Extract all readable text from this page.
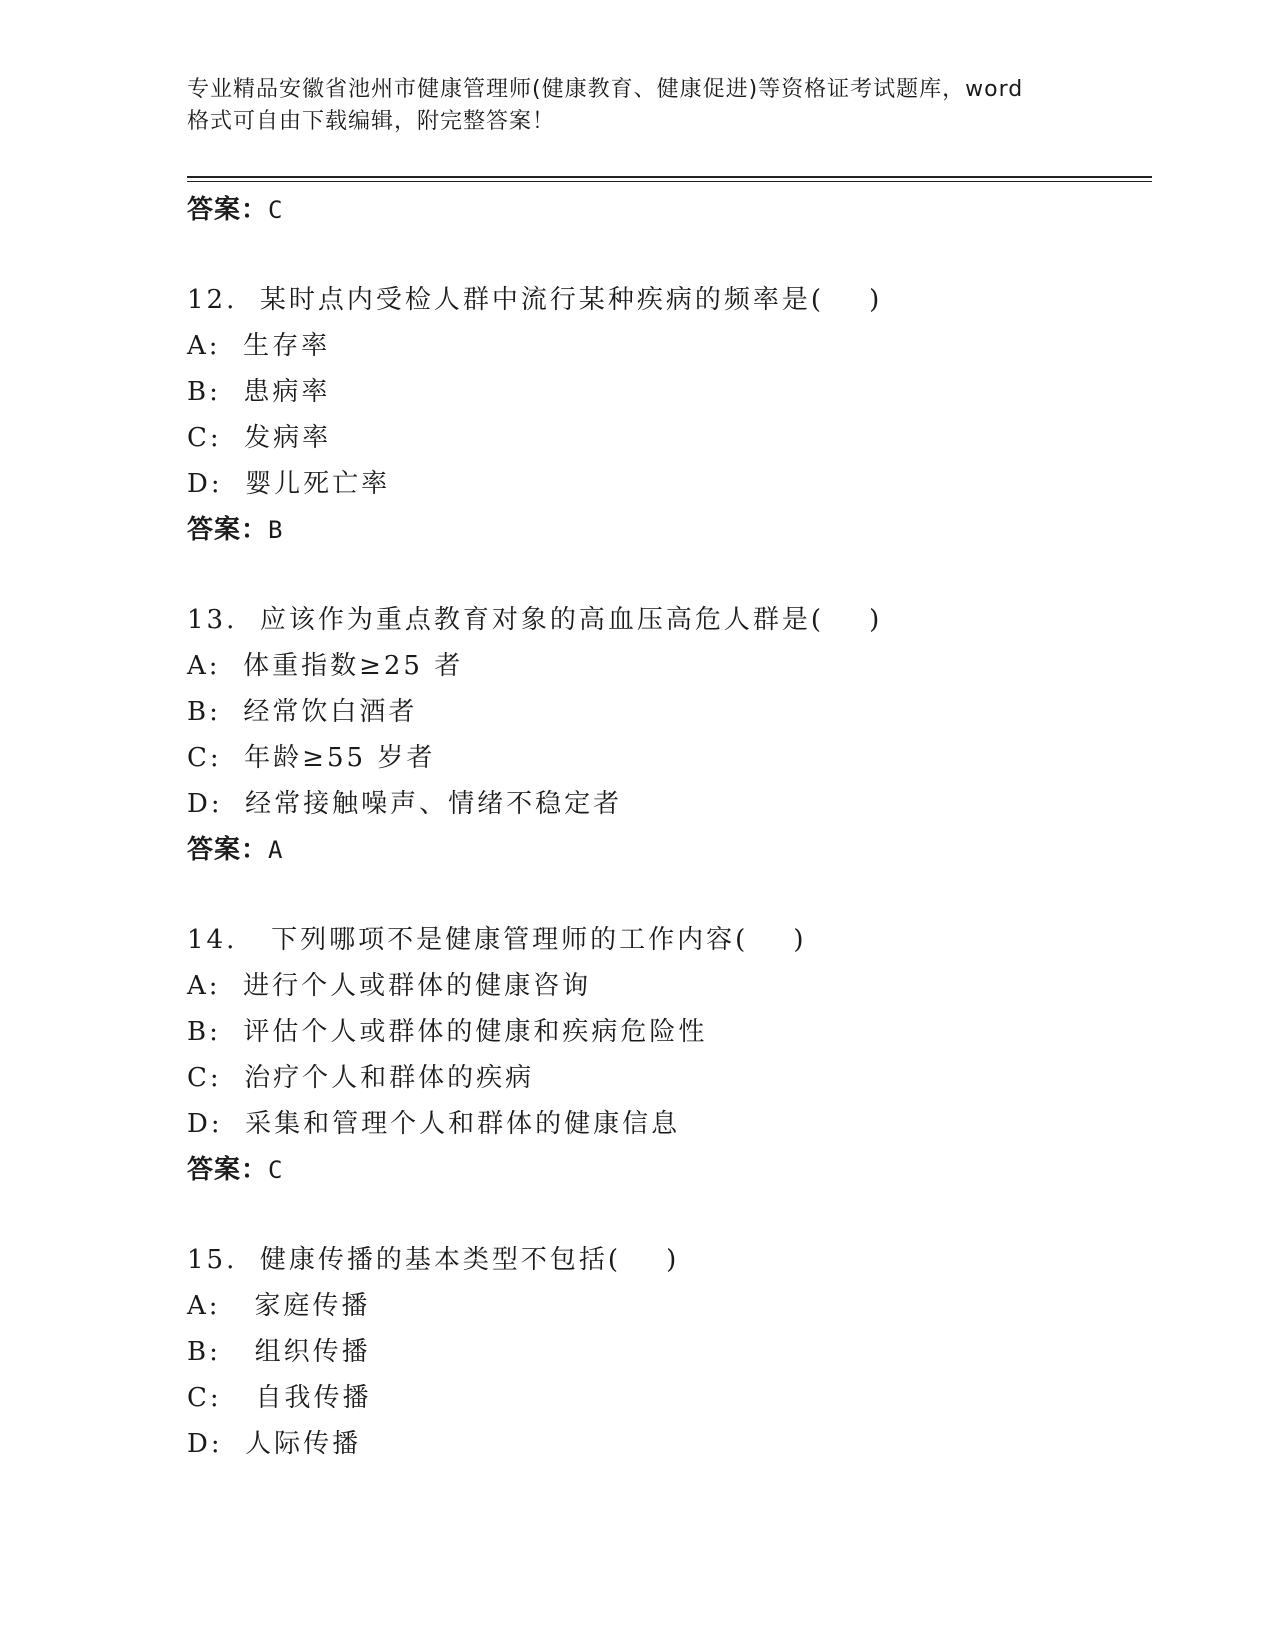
专业精品安徽省池州市健康管理师(健康教育、健康促进)等资格证考试题库，word
格式可自由下载编辑，附完整答案！
答案：C
12.  某时点内受检人群中流行某种疾病的频率是(    )
A:  生存率
B:  患病率
C:  发病率
D:  婴儿死亡率
答案：B
13.  应该作为重点教育对象的高血压高危人群是(    )
A:  体重指数≥25 者
B:  经常饮白酒者
C:  年龄≥55 岁者
D:  经常接触噪声、情绪不稳定者
答案：A
14.   下列哪项不是健康管理师的工作内容(    )
A:  进行个人或群体的健康咨询
B:  评估个人或群体的健康和疾病危险性
C:  治疗个人和群体的疾病
D:  采集和管理个人和群体的健康信息
答案：C
15.  健康传播的基本类型不包括(    )
A:   家庭传播
B:   组织传播
C:   自我传播
D:  人际传播
